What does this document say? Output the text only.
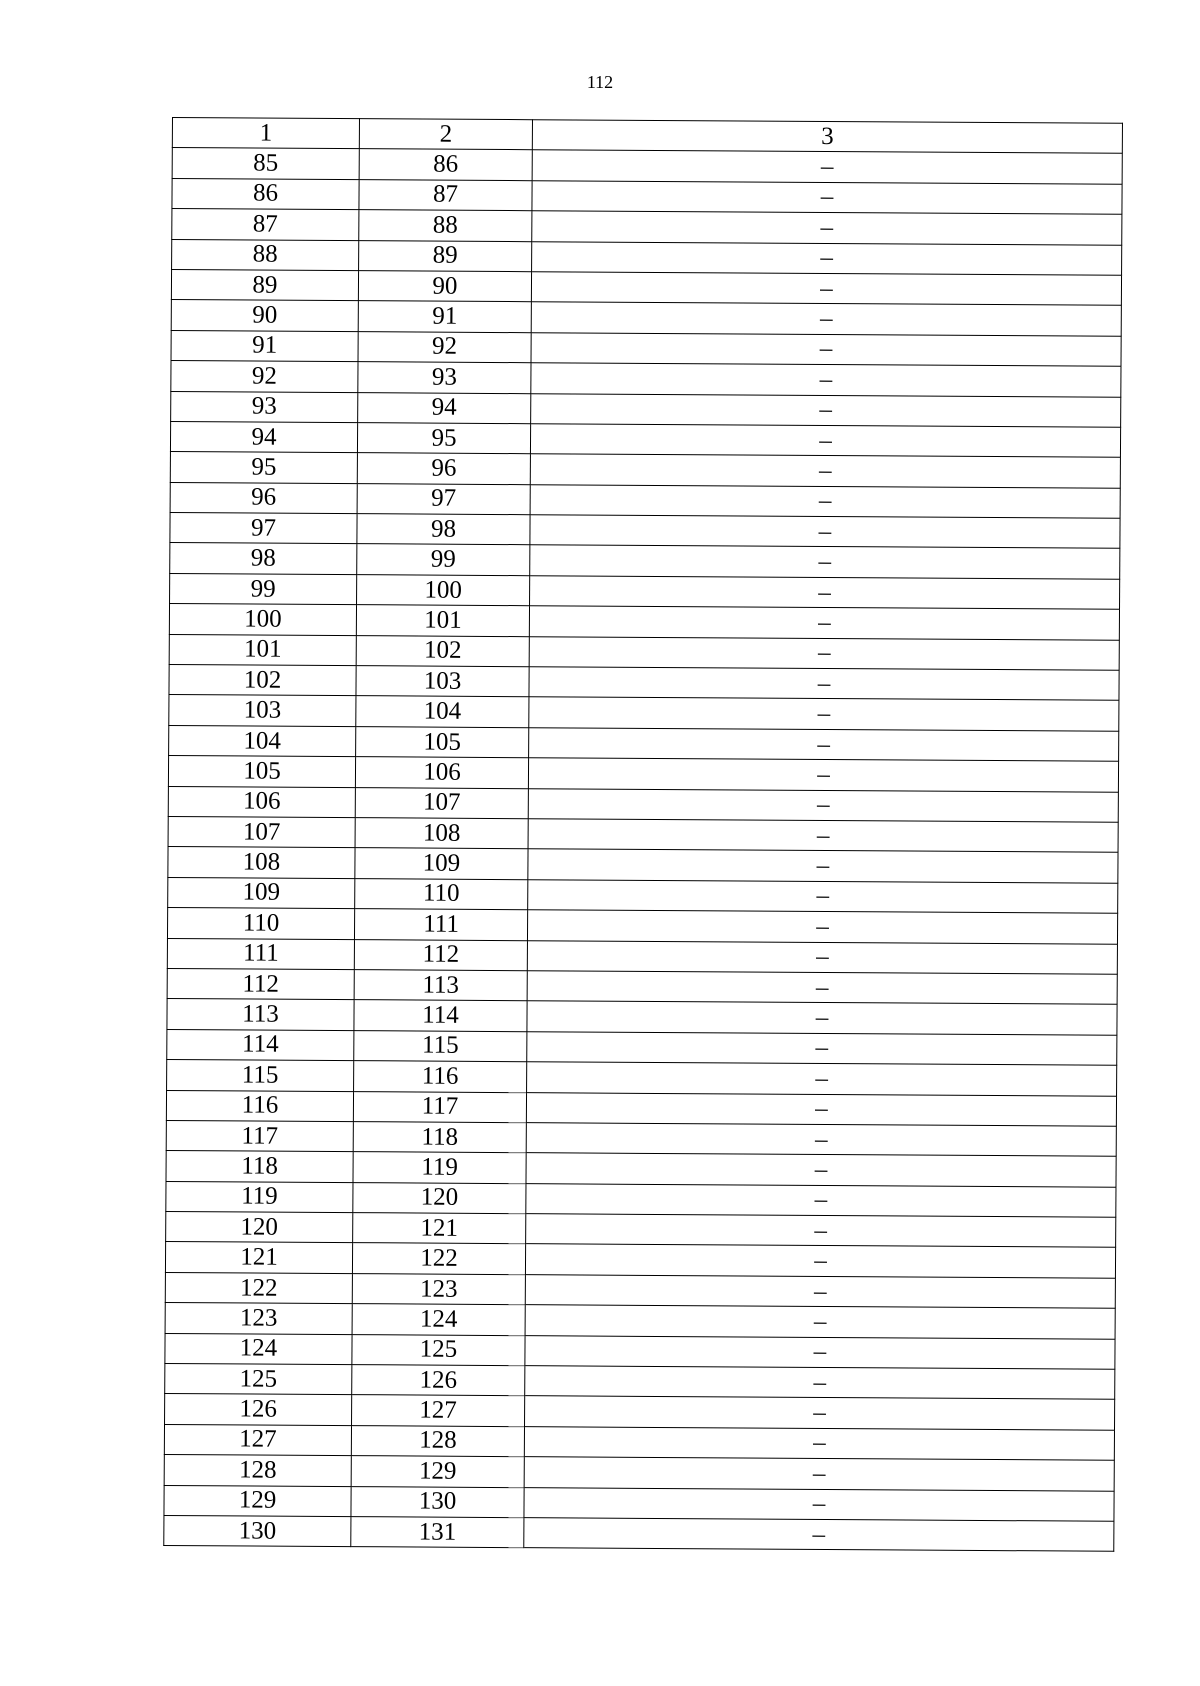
112
1	2	3
85	86	–
86	87	–
87	88	–
88	89	–
89	90	–
90	91	–
91	92	–
92	93	–
93	94	–
94	95	–
95	96	–
96	97	–
97	98	–
98	99	–
99	100	–
100	101	–
101	102	–
102	103	–
103	104	–
104	105	–
105	106	–
106	107	–
107	108	–
108	109	–
109	110	–
110	111	–
111	112	–
112	113	–
113	114	–
114	115	–
115	116	–
116	117	–
117	118	–
118	119	–
119	120	–
120	121	–
121	122	–
122	123	–
123	124	–
124	125	–
125	126	–
126	127	–
127	128	–
128	129	–
129	130	–
130	131	–
